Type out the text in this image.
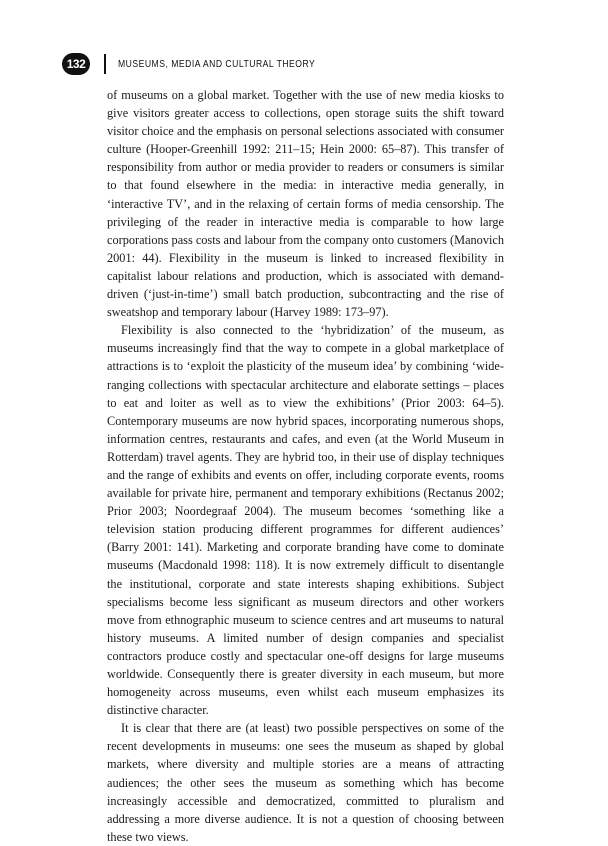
132	MUSEUMS, MEDIA AND CULTURAL THEORY

of museums on a global market. Together with the use of new media kiosks to give visitors greater access to collections, open storage suits the shift toward visitor choice and the emphasis on personal selections associated with consumer culture (Hooper-Greenhill 1992: 211–15; Hein 2000: 65–87). This transfer of responsibility from author or media provider to readers or consumers is similar to that found elsewhere in the media: in interactive media generally, in ‘interactive TV’, and in the relaxing of certain forms of media censorship. The privileging of the reader in interactive media is comparable to how large corporations pass costs and labour from the company onto customers (Manovich 2001: 44). Flexibility in the museum is linked to increased flexibility in capitalist labour relations and production, which is associated with demand-driven (‘just-in-time’) small batch production, subcontracting and the rise of sweatshop and temporary labour (Harvey 1989: 173–97).

Flexibility is also connected to the ‘hybridization’ of the museum, as museums increasingly find that the way to compete in a global marketplace of attractions is to ‘exploit the plasticity of the museum idea’ by combining ‘wide-ranging collections with spectacular architecture and elaborate settings – places to eat and loiter as well as to view the exhibitions’ (Prior 2003: 64–5). Contemporary museums are now hybrid spaces, incorporating numerous shops, information centres, restaurants and cafes, and even (at the World Museum in Rotterdam) travel agents. They are hybrid too, in their use of display techniques and the range of exhibits and events on offer, including corporate events, rooms available for private hire, permanent and temporary exhibitions (Rectanus 2002; Prior 2003; Noordegraaf 2004). The museum becomes ‘something like a television station producing different programmes for different audiences’ (Barry 2001: 141). Marketing and corporate branding have come to dominate museums (Macdonald 1998: 118). It is now extremely difficult to disentangle the institutional, corporate and state interests shaping exhibitions. Subject specialisms become less significant as museum directors and other workers move from ethnographic museum to science centres and art museums to natural history museums. A limited number of design companies and specialist contractors produce costly and spectacular one-off designs for large museums worldwide. Consequently there is greater diversity in each museum, but more homogeneity across museums, even whilst each museum emphasizes its distinctive character.

It is clear that there are (at least) two possible perspectives on some of the recent developments in museums: one sees the museum as shaped by global markets, where diversity and multiple stories are a means of attracting audiences; the other sees the museum as something which has become increasingly accessible and democratized, committed to pluralism and addressing a more diverse audience. It is not a question of choosing between these two views.
